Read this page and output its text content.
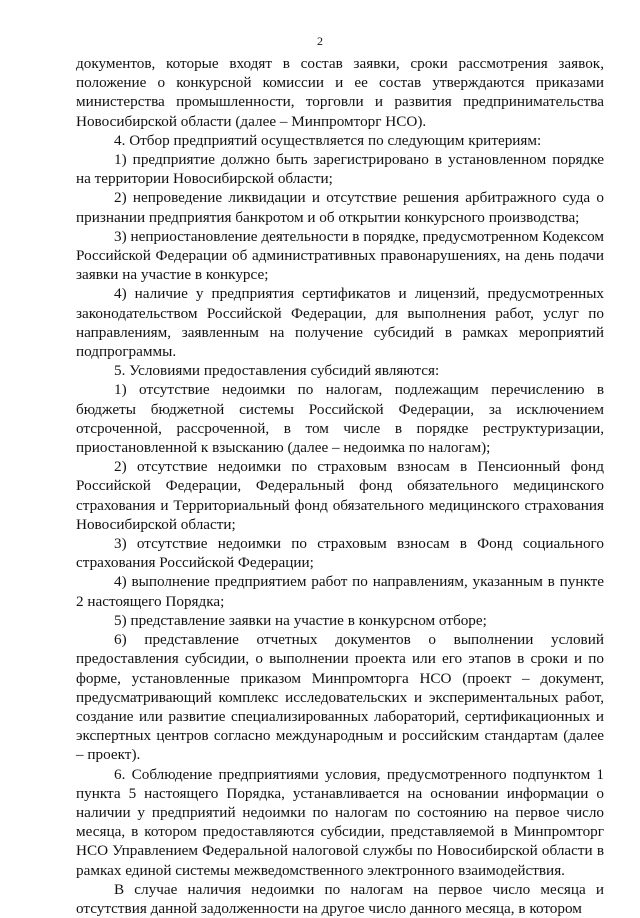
2

документов, которые входят в состав заявки, сроки рассмотрения заявок, положение о конкурсной комиссии и ее состав утверждаются приказами министерства промышленности, торговли и развития предпринимательства Новосибирской области (далее – Минпромторг НСО).

4. Отбор предприятий осуществляется по следующим критериям:

1) предприятие должно быть зарегистрировано в установленном порядке на территории Новосибирской области;

2) непроведение ликвидации и отсутствие решения арбитражного суда о признании предприятия банкротом и об открытии конкурсного производства;

3) неприостановление деятельности в порядке, предусмотренном Кодексом Российской Федерации об административных правонарушениях, на день подачи заявки на участие в конкурсе;

4) наличие у предприятия сертификатов и лицензий, предусмотренных законодательством Российской Федерации, для выполнения работ, услуг по направлениям, заявленным на получение субсидий в рамках мероприятий подпрограммы.

5. Условиями предоставления субсидий являются:

1) отсутствие недоимки по налогам, подлежащим перечислению в бюджеты бюджетной системы Российской Федерации, за исключением отсроченной, рассроченной, в том числе в порядке реструктуризации, приостановленной к взысканию (далее – недоимка по налогам);

2) отсутствие недоимки по страховым взносам в Пенсионный фонд Российской Федерации, Федеральный фонд обязательного медицинского страхования и Территориальный фонд обязательного медицинского страхования Новосибирской области;

3) отсутствие недоимки по страховым взносам в Фонд социального страхования Российской Федерации;

4) выполнение предприятием работ по направлениям, указанным в пункте 2 настоящего Порядка;

5) представление заявки на участие в конкурсном отборе;

6) представление отчетных документов о выполнении условий предоставления субсидии, о выполнении проекта или его этапов в сроки и по форме, установленные приказом Минпромторга НСО (проект – документ, предусматривающий комплекс исследовательских и экспериментальных работ, создание или развитие специализированных лабораторий, сертификационных и экспертных центров согласно международным и российским стандартам (далее – проект).

6. Соблюдение предприятиями условия, предусмотренного подпунктом 1 пункта 5 настоящего Порядка, устанавливается на основании информации о наличии у предприятий недоимки по налогам по состоянию на первое число месяца, в котором предоставляются субсидии, представляемой в Минпромторг НСО Управлением Федеральной налоговой службы по Новосибирской области в рамках единой системы межведомственного электронного взаимодействия.

В случае наличия недоимки по налогам на первое число месяца и отсутствия данной задолженности на другое число данного месяца, в котором
